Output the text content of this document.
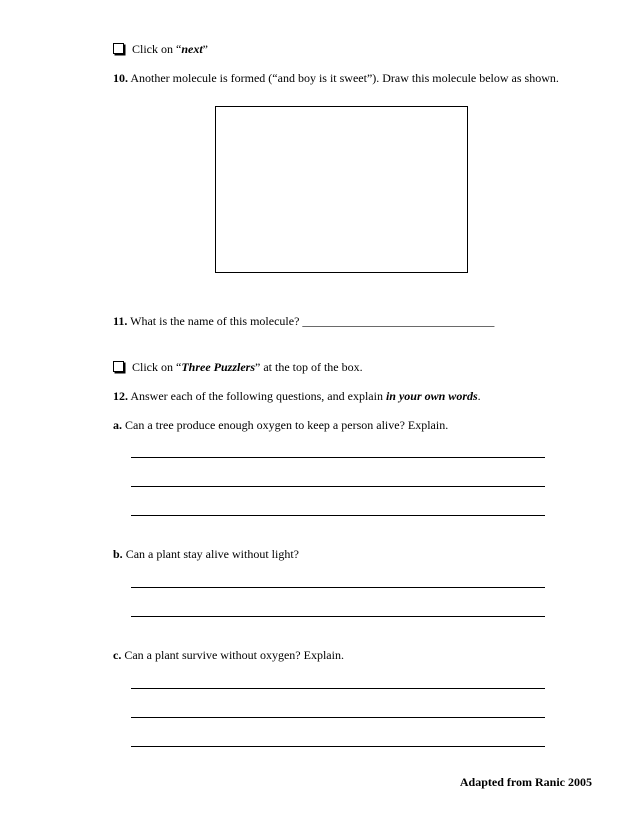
Click on “next”
10. Another molecule is formed (“and boy is it sweet”). Draw this molecule below as shown.
11. What is the name of this molecule? ________________________________
Click on “Three Puzzlers” at the top of the box.
12. Answer each of the following questions, and explain in your own words.
a. Can a tree produce enough oxygen to keep a person alive? Explain.
b. Can a plant stay alive without light?
c. Can a plant survive without oxygen? Explain.
Adapted from Ranic 2005
